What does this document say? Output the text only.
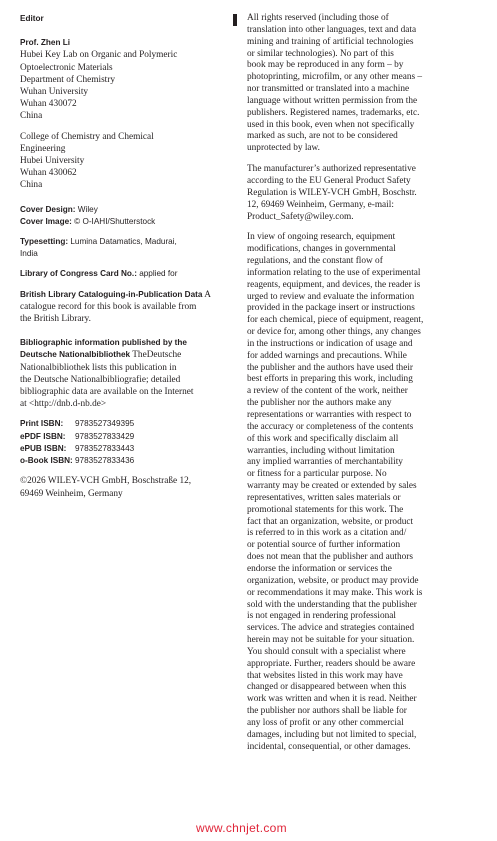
Editor
Prof. Zhen Li
Hubei Key Lab on Organic and Polymeric
Optoelectronic Materials
Department of Chemistry
Wuhan University
Wuhan 430072
China
College of Chemistry and Chemical
Engineering
Hubei University
Wuhan 430062
China
Cover Design: Wiley
Cover Image: © O-IAHI/Shutterstock
Typesetting: Lumina Datamatics, Madurai,
India
Library of Congress Card No.: applied for
British Library Cataloguing-in-Publication Data A
catalogue record for this book is available from
the British Library.
Bibliographic information published by the
Deutsche Nationalbibliothek TheDeutsche
Nationalbibliothek lists this publication in
the Deutsche Nationalbibliografie; detailed
bibliographic data are available on the Internet
at <http://dnb.d-nb.de>
Print ISBN: 9783527349395
ePDF ISBN: 9783527833429
ePUB ISBN: 9783527833443
o-Book ISBN: 9783527833436
©2026 WILEY-VCH GmbH, Boschstraße 12,
69469 Weinheim, Germany
All rights reserved (including those of
translation into other languages, text and data
mining and training of artificial technologies
or similar technologies). No part of this
book may be reproduced in any form – by
photoprinting, microfilm, or any other means –
nor transmitted or translated into a machine
language without written permission from the
publishers. Registered names, trademarks, etc.
used in this book, even when not specifically
marked as such, are not to be considered
unprotected by law.
The manufacturer’s authorized representative
according to the EU General Product Safety
Regulation is WILEY-VCH GmbH, Boschstr.
12, 69469 Weinheim, Germany, e-mail:
Product_Safety@wiley.com.
In view of ongoing research, equipment
modifications, changes in governmental
regulations, and the constant flow of
information relating to the use of experimental
reagents, equipment, and devices, the reader is
urged to review and evaluate the information
provided in the package insert or instructions
for each chemical, piece of equipment, reagent,
or device for, among other things, any changes
in the instructions or indication of usage and
for added warnings and precautions. While
the publisher and the authors have used their
best efforts in preparing this work, including
a review of the content of the work, neither
the publisher nor the authors make any
representations or warranties with respect to
the accuracy or completeness of the contents
of this work and specifically disclaim all
warranties, including without limitation
any implied warranties of merchantability
or fitness for a particular purpose. No
warranty may be created or extended by sales
representatives, written sales materials or
promotional statements for this work. The
fact that an organization, website, or product
is referred to in this work as a citation and/
or potential source of further information
does not mean that the publisher and authors
endorse the information or services the
organization, website, or product may provide
or recommendations it may make. This work is
sold with the understanding that the publisher
is not engaged in rendering professional
services. The advice and strategies contained
herein may not be suitable for your situation.
You should consult with a specialist where
appropriate. Further, readers should be aware
that websites listed in this work may have
changed or disappeared between when this
work was written and when it is read. Neither
the publisher nor authors shall be liable for
any loss of profit or any other commercial
damages, including but not limited to special,
incidental, consequential, or other damages.
www.chnjet.com
